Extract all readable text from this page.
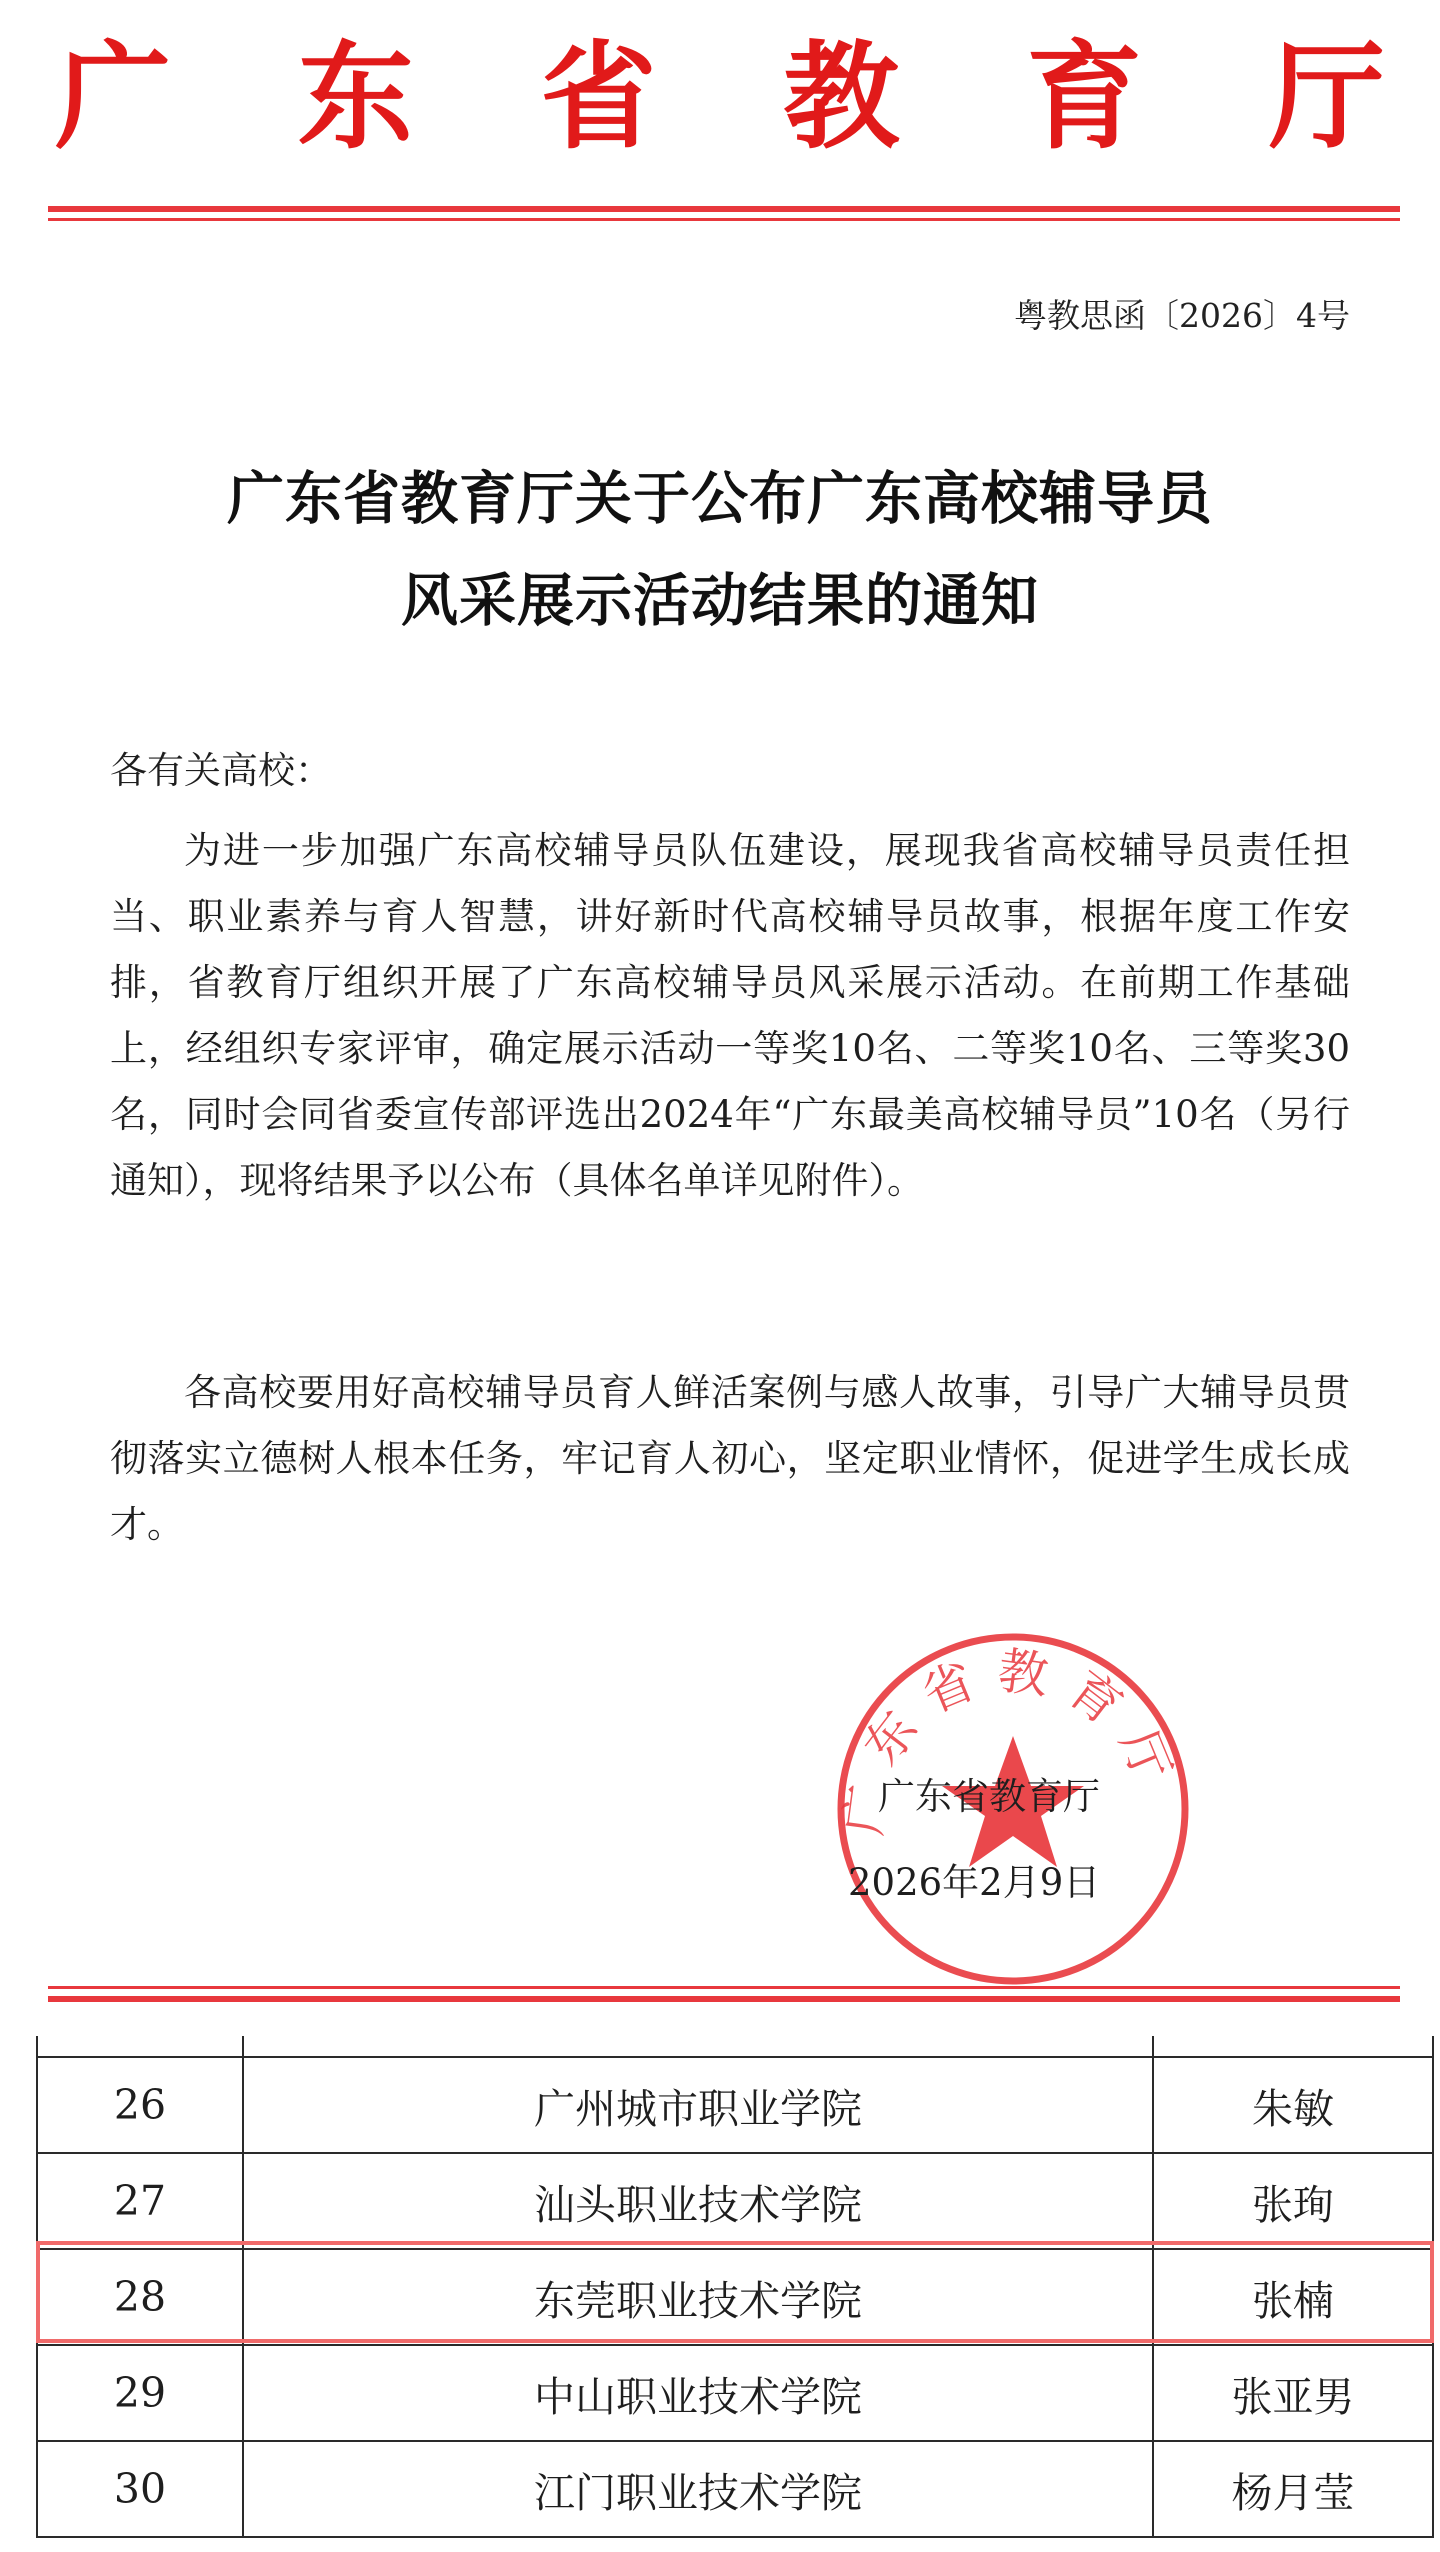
广 东 省 教 育 厅
粤教思函〔2026〕4号
广东省教育厅关于公布广东高校辅导员
风采展示活动结果的通知
各有关高校：

为进一步加强广东高校辅导员队伍建设，展现我省高校辅导员责任担当、职业素养与育人智慧，讲好新时代高校辅导员故事，根据年度工作安排，省教育厅组织开展了广东高校辅导员风采展示活动。在前期工作基础上，经组织专家评审，确定展示活动一等奖10名、二等奖10名、三等奖30名，同时会同省委宣传部评选出2024年“广东最美高校辅导员”10名（另行通知），现将结果予以公布（具体名单详见附件）。

各高校要用好高校辅导员育人鲜活案例与感人故事，引导广大辅导员贯彻落实立德树人根本任务，牢记育人初心，坚定职业情怀，促进学生成长成才。

广东省教育厅
广东省教育厅
2026年2月9日

26	广州城市职业学院	朱敏
27	汕头职业技术学院	张珣
28	东莞职业技术学院	张楠
29	中山职业技术学院	张亚男
30	江门职业技术学院	杨月莹
